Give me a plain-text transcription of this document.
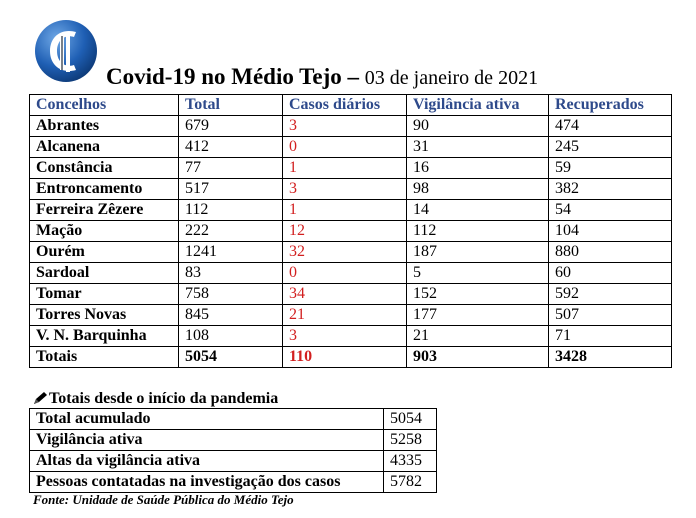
Covid-19 no Médio Tejo – 03 de janeiro de 2021
Concelhos	Total	Casos diários	Vigilância ativa	Recuperados
Abrantes	679	3	90	474
Alcanena	412	0	31	245
Constância	77	1	16	59
Entroncamento	517	3	98	382
Ferreira Zêzere	112	1	14	54
Mação	222	12	112	104
Ourém	1241	32	187	880
Sardoal	83	0	5	60
Tomar	758	34	152	592
Torres Novas	845	21	177	507
V. N. Barquinha	108	3	21	71
Totais	5054	110	903	3428
Totais desde o início da pandemia
Total acumulado	5054
Vigilância ativa	5258
Altas da vigilância ativa	4335
Pessoas contatadas na investigação dos casos	5782
Fonte: Unidade de Saúde Pública do Médio Tejo
